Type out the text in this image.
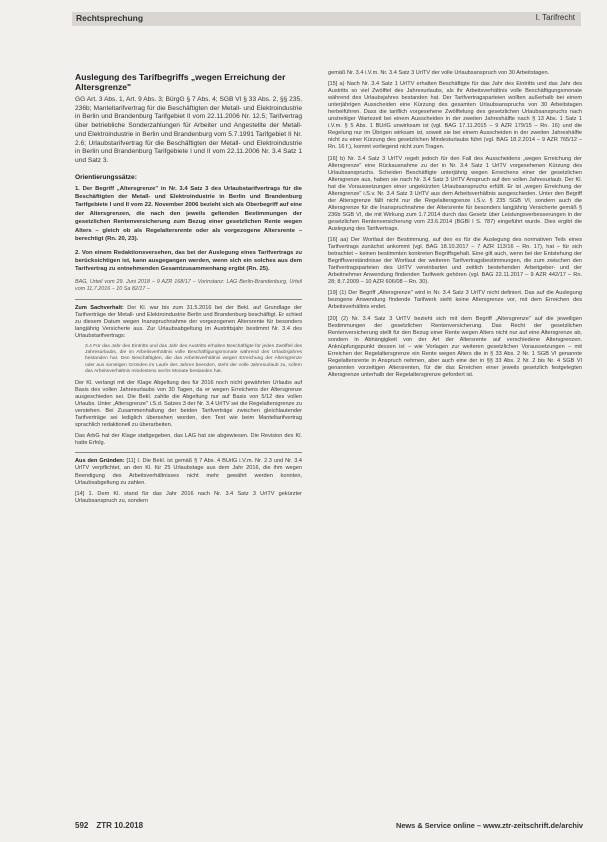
Rechtsprechung	I. Tarifrecht
Auslegung des Tarifbegriffs „wegen Erreichung der Altersgrenze"
GG Art. 3 Abs. 1, Art. 9 Abs. 3; BürgG § 7 Abs. 4; SGB VI § 33 Abs. 2, §§ 235, 236b; Manteltarifvertrag für die Beschäftigten der Metall- und Elektroindustrie in Berlin und Brandenburg Tarifgebiet II vom 22.11.2006 Nr. 12.5; Tarifvertrag über betriebliche Sonderzahlungen für Arbeiter und Angestellte der Metall- und Elektroindustrie in Berlin und Brandenburg vom 5.7.1991 Tarifgebiet II Nr. 2.6; Urlaubstarifvertrag für die Beschäftigten der Metall- und Elektroindustrie in Berlin und Brandenburg Tarifgebiete I und II vom 22.11.2006 Nr. 3.4 Satz 1 und Satz 3.
Orientierungssätze:
1. Der Begriff „Altersgrenze" in Nr. 3.4 Satz 3 des Urlaubstarifvertrags für die Beschäftigten der Metall- und Elektroindustrie in Berlin und Brandenburg Tarifgebiete I und II vom 22. November 2006 bezieht sich als Oberbegriff auf eine der Altersgrenzen, die nach den jeweils geltenden Bestimmungen der gesetzlichen Rentenversicherung zum Bezug einer gesetzlichen Rente wegen Alters – gleich ob als Regelaltersrente oder als vorgezogene Altersrente – berechtigt (Rn. 20, 23).
2. Von einem Redaktionsversehen, das bei der Auslegung eines Tarifvertrags zu berücksichtigen ist, kann ausgegangen werden, wenn sich ein solches aus dem Tarifvertrag zu entnehmenden Gesamtzusammenhang ergibt (Rn. 25).
BAG, Urteil vom 29. Juni 2018 – 9 AZR 168/17 – Vorinstanz: LAG Berlin-Brandenburg, Urteil vom 11.7.2016 – 10 Sa 82/17 –
Zum Sachverhalt: Der Kl. war bis zum 31.5.2016 bei der Bekl. auf Grundlage der Tarifverträge der Metall- und Elektroindustrie Berlin und Brandenburg beschäftigt. Er schied zu diesem Datum wegen Inanspruchnahme der vorgezogenen Altersrente für besonders langjährig Versicherte aus. Zur Urlaubsabgeltung im Austrittsjahr bestimmt Nr. 3.4 des Urlaubstarifvertrags:
3.4 Für das Jahr des Eintritts und das Jahr des Austritts erhalten Beschäftigte für jeden Zwölftel des Jahresurlaubs, die im Arbeitsverhältnis volle Beschäftigungsmonate während des Urlaubsjahres bestanden hat. Den Beschäftigten, die das Arbeitsverhältnis wegen Erreichung der Altersgrenze oder aus sonstigen Gründen im Laufe des Jahres beenden, steht der volle Jahresurlaub zu, sofern das Arbeitsverhältnis mindestens sechs Monate bestanden hat.
Der Kl. verlangt mit der Klage Abgeltung des für 2016 noch nicht gewährten Urlaubs auf Basis des vollen Jahresurlaubs von 30 Tagen, da er wegen Erreichens der Altersgrenze ausgeschieden sei. Die Bekl. zahlte die Abgeltung nur auf Basis von 5/12 des vollen Urlaubs. Unter „Altersgrenze" i.S.d. Satzes 3 der Nr. 3.4 UrlTV sei die Regelaltersgrenze zu verstehen. Bei Zusammenhaltung der beiden Tarifverträge zwischen gleichlautender Tarifverträge sei lediglich übersehen worden, den Text wie beim Manteltarifvertrag sprachlich redaktionell zu überarbeiten.
Das ArbG hat der Klage stattgegeben, das LAG hat sie abgewiesen. Die Revision des Kl. hatte Erfolg.
Aus den Gründen: [11] I. Die Bekl. ist gemäß § 7 Abs. 4 BUrlG i.V.m. Nr. 2.3 und Nr. 3.4 UrlTV verpflichtet, an den Kl. für 25 Urlaubstage aus dem Jahr 2016, die ihm wegen Beendigung des Arbeitsverhältnisses nicht mehr gewährt werden konnten, Urlaubsabgeltung zu zahlen.
[14] 1. Dem Kl. stand für das Jahr 2016 nach Nr. 3.4 Satz 3 UrlTV gekürzter Urlaubsanspruch zu, sondern
gemäß Nr. 3.4 i.V.m. Nr. 3.4 Satz 3 UrlTV der volle Urlaubsanspruch von 30 Arbeitstagen.
[15] a) Nach Nr. 3.4 Satz 1 UrlTV erhalten Beschäftigte für das Jahr des Eintritts und das Jahr des Austritts so viel Zwölftel des Jahresurlaubs, als ihr Arbeitsverhältnis volle Beschäftigungsmonate während des Urlaubsjahres bestanden hat. Der Tarifvertragsparteien wollten außerhalb bei einem unterjährigen Ausscheiden eine Kürzung des gesamten Urlaubsanspruchs von 30 Arbeitstagen herbeiführen. Dass die tariflich vorgesehene Zwölftelung des gesetzlichen Urlaubsanspruchs nach unstreitiger Wartezeit bei einem Ausscheiden in der zweiten Jahreshälfte nach § 13 Abs. 1 Satz 1 i.V.m. § 5 Abs. 1 BUrlG unwirksam ist (vgl. BAG 17.11.2015 – 9 AZR 179/15 – Rn. 16) und die Regelung nur im Übrigen wirksam ist, soweit sie bei einem Ausscheiden in der zweiten Jahreshälfte nicht zu einer Kürzung des gesetzlichen Mindesturlaubs führt (vgl. BAG 18.2.2014 – 9 AZR 765/12 – Rn. 16 f.), kommt vorliegend nicht zum Tragen.
[16] b) Nr. 3.4 Satz 3 UrlTV regelt jedoch für den Fall des Ausscheidens „wegen Erreichung der Altersgrenze" eine Rückausnahme zu der in Nr. 3.4 Satz 1 UrlTV vorgesehenen Kürzung des Urlaubsanspruchs. Scheiden Beschäftigte unterjährig wegen Erreichens einer der gesetzlichen Altersgrenze aus, haben sie nach Nr. 3.4 Satz 3 UrlTV Anspruch auf den vollen Jahresurlaub. Der Kl. hat die Voraussetzungen einer ungekürzten Urlaubsanspruchs erfüllt. Er ist „wegen Erreichung der Altersgrenze" i.S.v. Nr. 3.4 Satz 3 UrlTV aus dem Arbeitsverhältnis ausgeschieden. Unter den Begriff der Altersgrenze fällt nicht nur die Regelaltersgrenze i.S.v. § 235 SGB VI, sondern auch die Altersgrenze für die Inanspruchnahme der Altersrente für besonders langjährig Versicherte gemäß § 236b SGB VI, die mit Wirkung zum 1.7.2014 durch das Gesetz über Leistungsverbesserungen in der gesetzlichen Rentenversicherung vom 23.6.2014 (BGBl I S. 787) eingeführt wurde. Dies ergibt die Auslegung des Tarifvertrags.
[16] aa) Der Wortlaut der Bestimmung, auf den es für die Auslegung des normativen Teils eines Tarifvertrags zunächst ankommt (vgl. BAG 18.10.2017 – 7 AZR 113/16 – Rn. 17), hat – für sich betrachtet – keinen bestimmten konkreten Begriffsgehalt. Eine gilt auch, wenn bei der Entstehung der Begriffsverständnisse der Wortlaut der weiteren Tarifvertragsbestimmungen, die zum zwischen den Tarifvertragsparteien des UrlTV vereinbarten und zeitlich bestehenden Arbeitgeber- und der Arbeitnehmer Anwendung findenden Tarifwerk gehören (vgl. BAG 22.11.2017 – 9 AZR 442/17 – Rn. 28; 8.7.2009 – 10 AZR 606/08 – Rn. 30).
[19] (1) Der Begriff „Altersgrenze" wird in Nr. 3.4 Satz 3 UrlTV nicht definiert. Das auf die Auslegung bezogene Anwendung findende Tarifwerk sieht keine Altersgrenze vor, mit dem Erreichen des Arbeitsverhältnis endet.
[20] (2) Nr. 3.4 Satz 3 UrlTV bezieht sich mit dem Begriff „Altersgrenze" auf die jeweiligen Bestimmungen der gesetzlichen Rentenversicherung. Das Recht der gesetzlichen Rentenversicherung stellt für den Bezug einer Rente wegen Alters nicht nur auf eine Altersgrenze ab, sondern in Abhängigkeit von der Art der Altersrente auf verschiedene Altersgrenzen. Anknüpfungspunkt dessen ist – wie Vorlagen zur weiteren gesetzlichen Voraussetzungen – mit Erreichen der Regelaltersgrenze ein Rente wegen Alters die in § 33 Abs. 2 Nr. 1 SGB VI genannte Regelaltersrente in Anspruch nehmen, aber auch eine der in §§ 33 Abs. 2 Nr. 2 bis Nr. 4 SGB VI genannten vorzeitigen Altersrenten, für die das Erreichen einer jeweils gesetzlich festgelegten Altersgrenze unterhalb der Regelaltersgrenze gefordert ist.
592 ZTR 10.2018	News & Service online – www.ztr-zeitschrift.de/archiv
